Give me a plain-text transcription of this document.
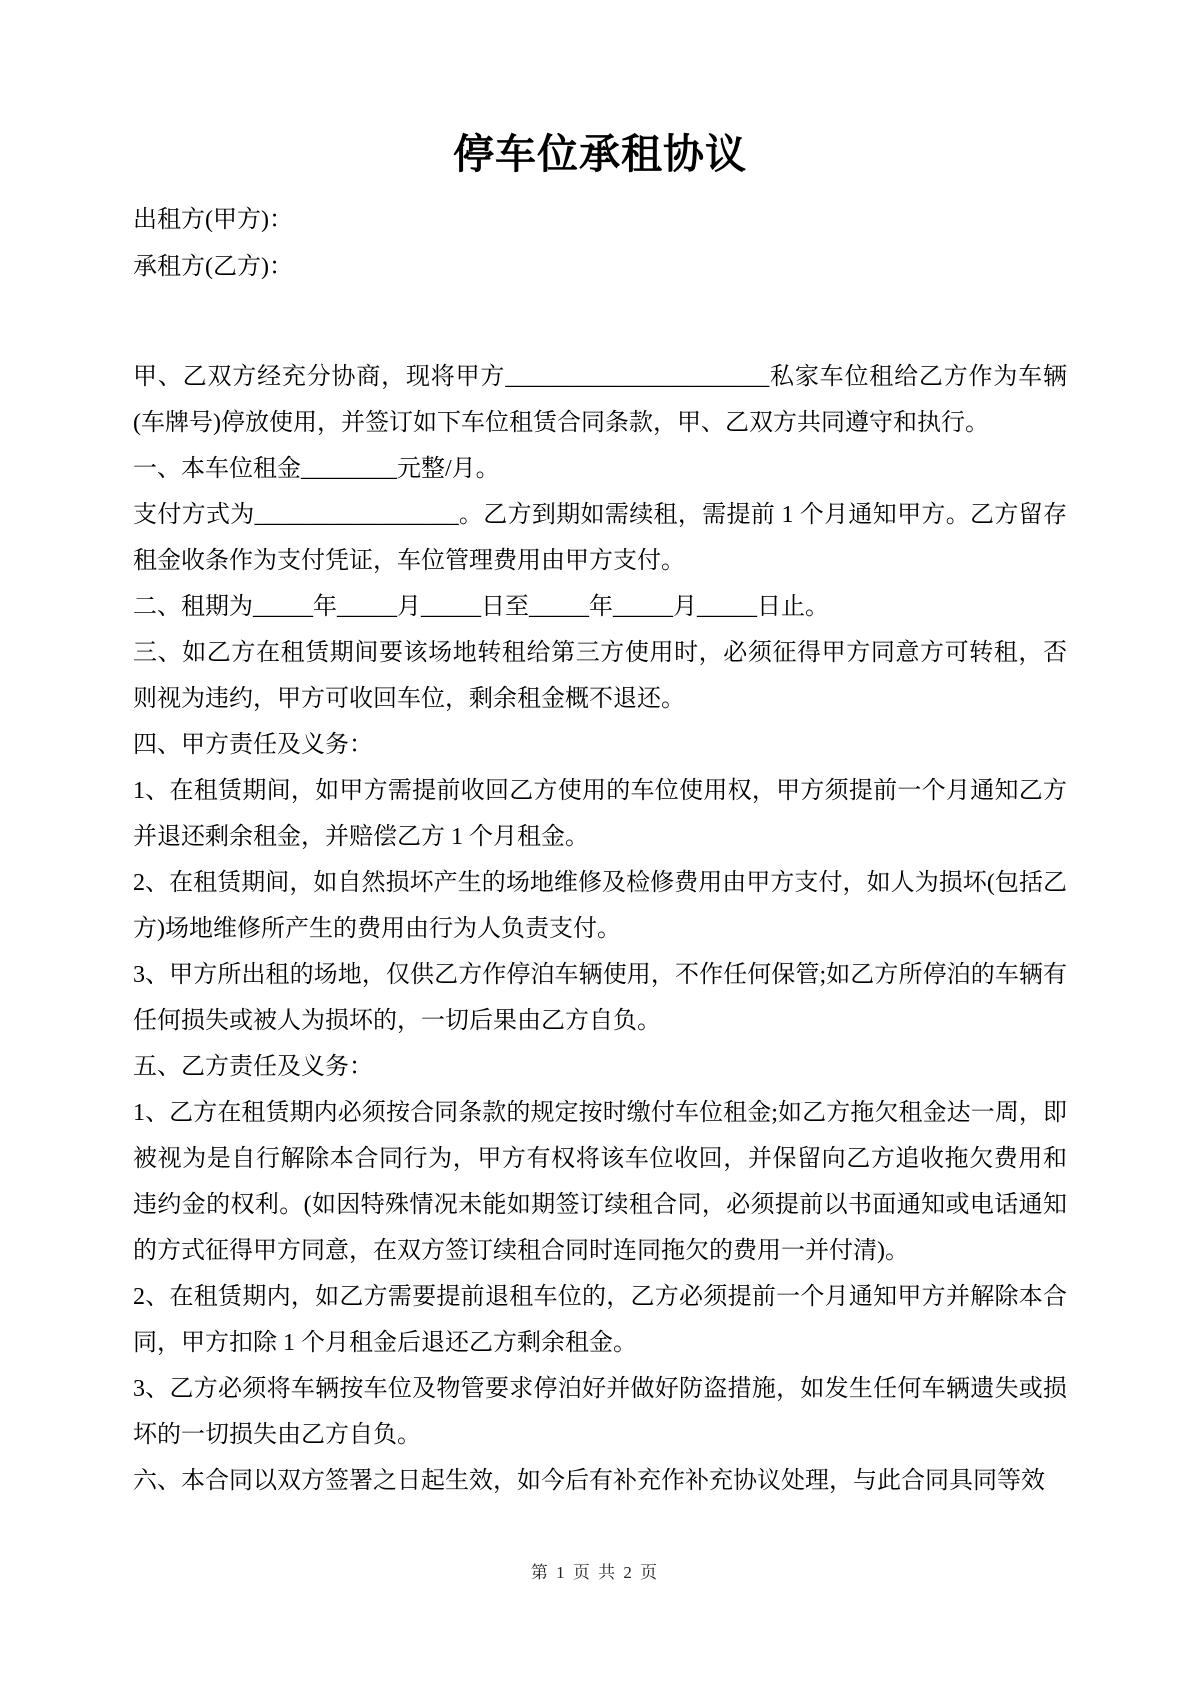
停车位承租协议

出租方(甲方)：

承租方(乙方)：

甲、乙双方经充分协商，现将甲方______________________私家车位租给乙方作为车辆(车牌号)停放使用，并签订如下车位租赁合同条款，甲、乙双方共同遵守和执行。

一、本车位租金________元整/月。

支付方式为_________________。乙方到期如需续租，需提前 1 个月通知甲方。乙方留存租金收条作为支付凭证，车位管理费用由甲方支付。

二、租期为_____年_____月_____日至_____年_____月_____日止。

三、如乙方在租赁期间要该场地转租给第三方使用时，必须征得甲方同意方可转租，否则视为违约，甲方可收回车位，剩余租金概不退还。

四、甲方责任及义务：

1、在租赁期间，如甲方需提前收回乙方使用的车位使用权，甲方须提前一个月通知乙方并退还剩余租金，并赔偿乙方 1 个月租金。

2、在租赁期间，如自然损坏产生的场地维修及检修费用由甲方支付，如人为损坏(包括乙方)场地维修所产生的费用由行为人负责支付。

3、甲方所出租的场地，仅供乙方作停泊车辆使用，不作任何保管;如乙方所停泊的车辆有任何损失或被人为损坏的，一切后果由乙方自负。

五、乙方责任及义务：

1、乙方在租赁期内必须按合同条款的规定按时缴付车位租金;如乙方拖欠租金达一周，即被视为是自行解除本合同行为，甲方有权将该车位收回，并保留向乙方追收拖欠费用和违约金的权利。(如因特殊情况未能如期签订续租合同，必须提前以书面通知或电话通知的方式征得甲方同意，在双方签订续租合同时连同拖欠的费用一并付清)。

2、在租赁期内，如乙方需要提前退租车位的，乙方必须提前一个月通知甲方并解除本合同，甲方扣除 1 个月租金后退还乙方剩余租金。

3、乙方必须将车辆按车位及物管要求停泊好并做好防盗措施，如发生任何车辆遗失或损坏的一切损失由乙方自负。

六、本合同以双方签署之日起生效，如今后有补充作补充协议处理，与此合同具同等效

第 1 页 共 2 页
